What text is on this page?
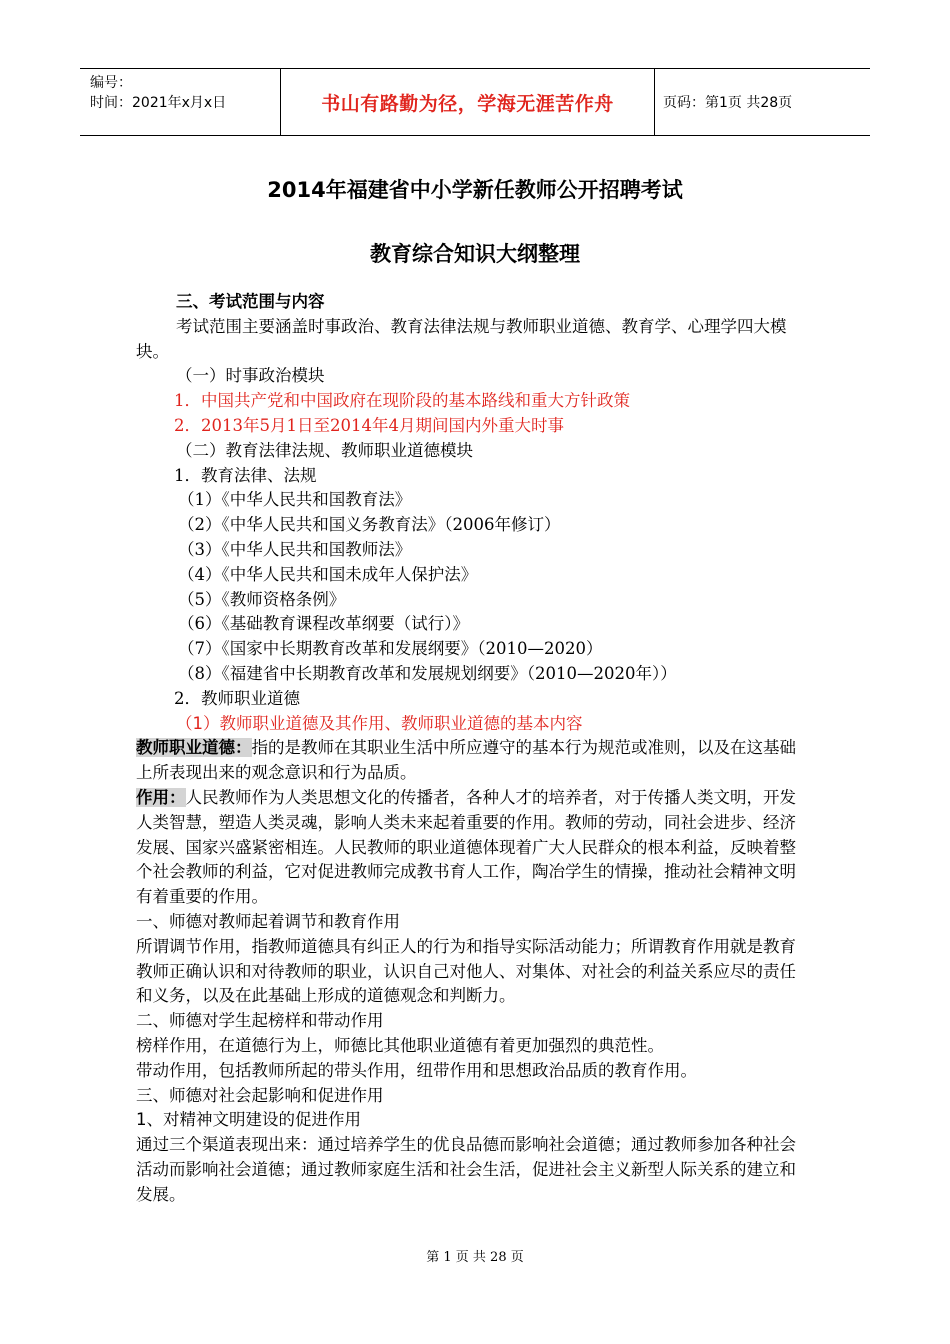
编号：
时间：2021年x月x日	书山有路勤为径，学海无涯苦作舟	页码：第1页 共28页
2014年福建省中小学新任教师公开招聘考试
教育综合知识大纲整理

三、考试范围与内容

考试范围主要涵盖时事政治、教育法律法规与教师职业道德、教育学、心理学四大模块。

（一）时事政治模块

1．中国共产党和中国政府在现阶段的基本路线和重大方针政策

2．2013年5月1日至2014年4月期间国内外重大时事

（二）教育法律法规、教师职业道德模块

1．教育法律、法规

（1）《中华人民共和国教育法》

（2）《中华人民共和国义务教育法》（2006年修订）

（3）《中华人民共和国教师法》

（4）《中华人民共和国未成年人保护法》

（5）《教师资格条例》

（6）《基础教育课程改革纲要（试行）》

（7）《国家中长期教育改革和发展纲要》（2010—2020）

（8）《福建省中长期教育改革和发展规划纲要》（2010—2020年））

2．教师职业道德

（1）教师职业道德及其作用、教师职业道德的基本内容

教师职业道德：指的是教师在其职业生活中所应遵守的基本行为规范或准则，以及在这基础上所表现出来的观念意识和行为品质。

作用：人民教师作为人类思想文化的传播者，各种人才的培养者，对于传播人类文明，开发人类智慧，塑造人类灵魂，影响人类未来起着重要的作用。教师的劳动，同社会进步、经济发展、国家兴盛紧密相连。人民教师的职业道德体现着广大人民群众的根本利益，反映着整个社会教师的利益，它对促进教师完成教书育人工作，陶冶学生的情操，推动社会精神文明有着重要的作用。

一、师德对教师起着调节和教育作用

所谓调节作用，指教师道德具有纠正人的行为和指导实际活动能力；所谓教育作用就是教育教师正确认识和对待教师的职业，认识自己对他人、对集体、对社会的利益关系应尽的责任和义务，以及在此基础上形成的道德观念和判断力。

二、师德对学生起榜样和带动作用

榜样作用，在道德行为上，师德比其他职业道德有着更加强烈的典范性。

带动作用，包括教师所起的带头作用，纽带作用和思想政治品质的教育作用。

三、师德对社会起影响和促进作用

1、对精神文明建设的促进作用

通过三个渠道表现出来：通过培养学生的优良品德而影响社会道德；通过教师参加各种社会活动而影响社会道德；通过教师家庭生活和社会生活，促进社会主义新型人际关系的建立和发展。

第 1 页 共 28 页
